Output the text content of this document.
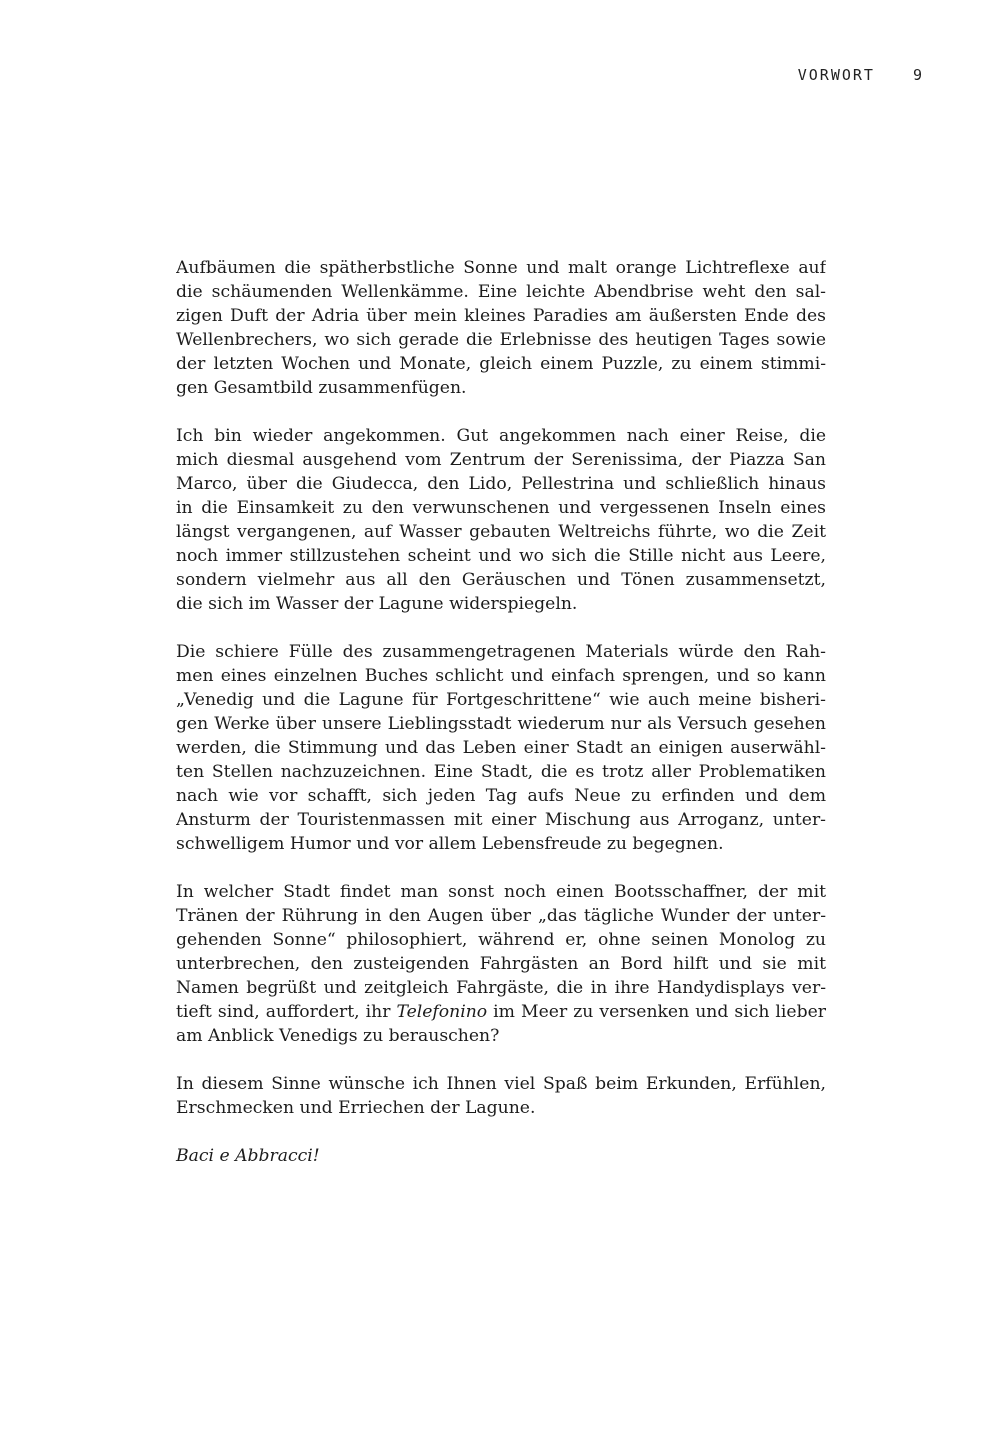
VORWORT	9

Aufbäumen die spätherbstliche Sonne und malt orange Lichtreflexe auf
die schäumenden Wellenkämme. Eine leichte Abendbrise weht den sal-
zigen Duft der Adria über mein kleines Paradies am äußersten Ende des
Wellenbrechers, wo sich gerade die Erlebnisse des heutigen Tages sowie
der letzten Wochen und Monate, gleich einem Puzzle, zu einem stimmi-
gen Gesamtbild zusammenfügen.

Ich bin wieder angekommen. Gut angekommen nach einer Reise, die
mich diesmal ausgehend vom Zentrum der Serenissima, der Piazza San
Marco, über die Giudecca, den Lido, Pellestrina und schließlich hinaus
in die Einsamkeit zu den verwunschenen und vergessenen Inseln eines
längst vergangenen, auf Wasser gebauten Weltreichs führte, wo die Zeit
noch immer stillzustehen scheint und wo sich die Stille nicht aus Leere,
sondern vielmehr aus all den Geräuschen und Tönen zusammensetzt,
die sich im Wasser der Lagune widerspiegeln.

Die schiere Fülle des zusammengetragenen Materials würde den Rah-
men eines einzelnen Buches schlicht und einfach sprengen, und so kann
„Venedig und die Lagune für Fortgeschrittene“ wie auch meine bisheri-
gen Werke über unsere Lieblingsstadt wiederum nur als Versuch gesehen
werden, die Stimmung und das Leben einer Stadt an einigen auserwähl-
ten Stellen nachzuzeichnen. Eine Stadt, die es trotz aller Problematiken
nach wie vor schafft, sich jeden Tag aufs Neue zu erfinden und dem
Ansturm der Touristenmassen mit einer Mischung aus Arroganz, unter-
schwelligem Humor und vor allem Lebensfreude zu begegnen.

In welcher Stadt findet man sonst noch einen Bootsschaffner, der mit
Tränen der Rührung in den Augen über „das tägliche Wunder der unter-
gehenden Sonne“ philosophiert, während er, ohne seinen Monolog zu
unterbrechen, den zusteigenden Fahrgästen an Bord hilft und sie mit
Namen begrüßt und zeitgleich Fahrgäste, die in ihre Handydisplays ver-
tieft sind, auffordert, ihr Telefonino im Meer zu versenken und sich lieber
am Anblick Venedigs zu berauschen?

In diesem Sinne wünsche ich Ihnen viel Spaß beim Erkunden, Erfühlen,
Erschmecken und Erriechen der Lagune.

Baci e Abbracci!
